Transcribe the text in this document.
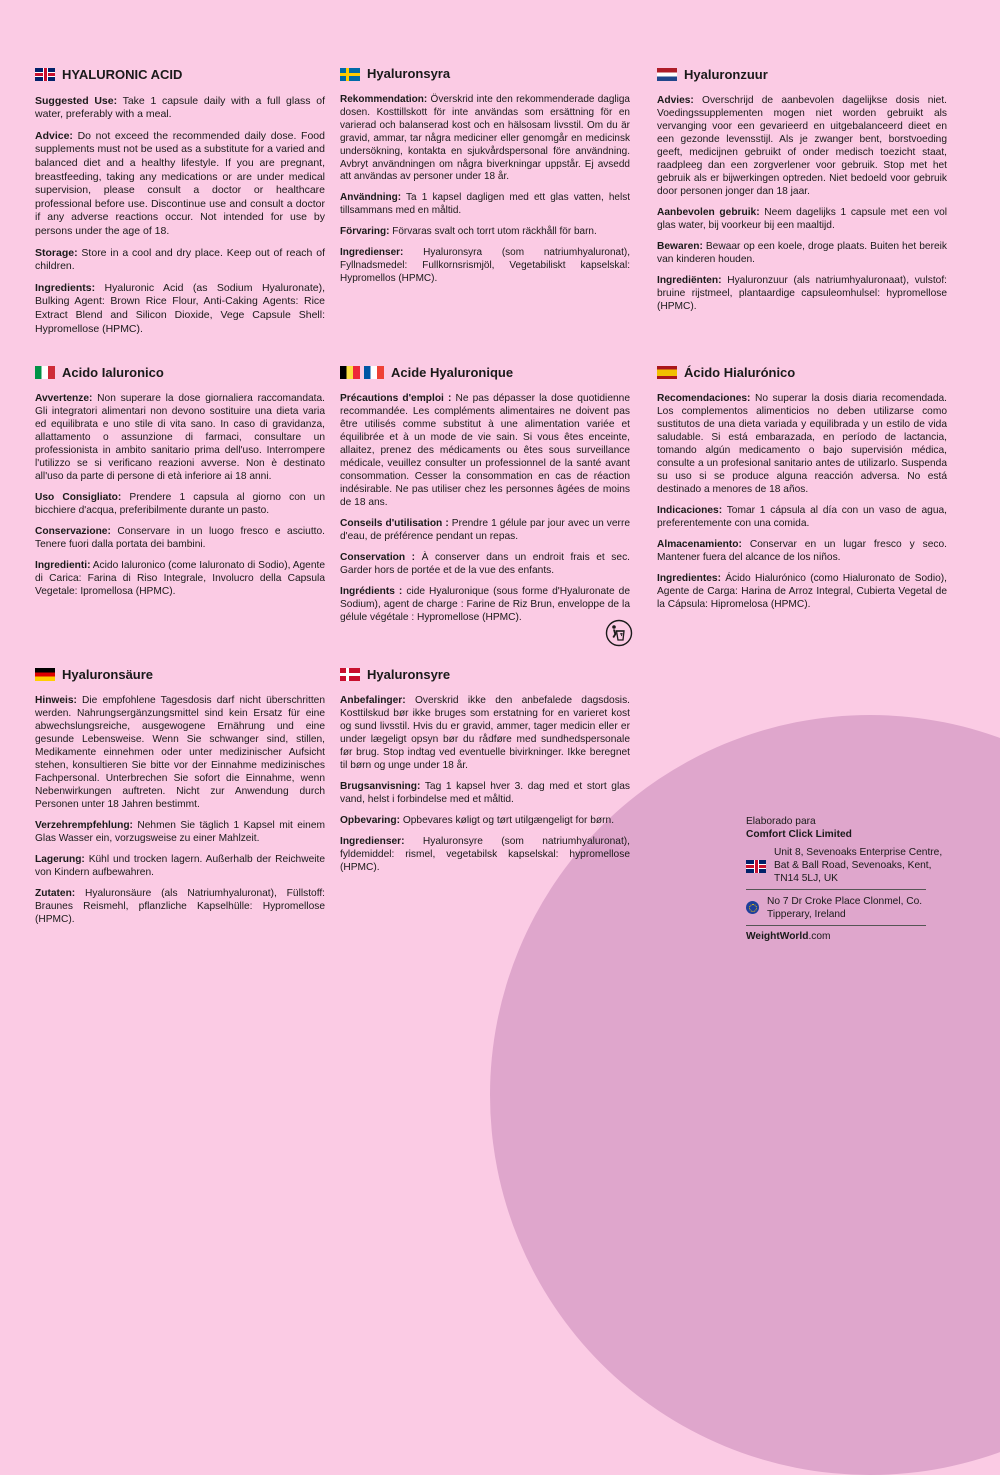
HYALURONIC ACID

Suggested Use: Take 1 capsule daily with a full glass of water, preferably with a meal.

Advice: Do not exceed the recommended daily dose. Food supplements must not be used as a substitute for a varied and balanced diet and a healthy lifestyle. If you are pregnant, breastfeeding, taking any medications or are under medical supervision, please consult a doctor or healthcare professional before use. Discontinue use and consult a doctor if any adverse reactions occur. Not intended for use by persons under the age of 18.

Storage: Store in a cool and dry place. Keep out of reach of children.

Ingredients: Hyaluronic Acid (as Sodium Hyaluronate), Bulking Agent: Brown Rice Flour, Anti-Caking Agents: Rice Extract Blend and Silicon Dioxide, Vege Capsule Shell: Hypromellose (HPMC).

Hyaluronsyra

Rekommendation: Överskrid inte den rekommenderade dagliga dosen. Kosttillskott för inte användas som ersättning för en varierad och balanserad kost och en hälsosam livsstil. Om du är gravid, ammar, tar några mediciner eller genomgår en medicinsk undersökning, kontakta en sjukvårdspersonal före användning. Avbryt användningen om några biverkningar uppstår. Ej avsedd att användas av personer under 18 år.

Användning: Ta 1 kapsel dagligen med ett glas vatten, helst tillsammans med en måltid.

Förvaring: Förvaras svalt och torrt utom räckhåll för barn.

Ingredienser: Hyaluronsyra (som natriumhyaluronat), Fyllnadsmedel: Fullkornsrismjöl, Vegetabiliskt kapselskal: Hypromellos (HPMC).

Hyaluronzuur

Advies: Overschrijd de aanbevolen dagelijkse dosis niet. Voedingssupplementen mogen niet worden gebruikt als vervanging voor een gevarieerd en uitgebalanceerd dieet en een gezonde levensstijl. Als je zwanger bent, borstvoeding geeft, medicijnen gebruikt of onder medisch toezicht staat, raadpleeg dan een zorgverlener voor gebruik. Stop met het gebruik als er bijwerkingen optreden. Niet bedoeld voor gebruik door personen jonger dan 18 jaar.

Aanbevolen gebruik: Neem dagelijks 1 capsule met een vol glas water, bij voorkeur bij een maaltijd.

Bewaren: Bewaar op een koele, droge plaats. Buiten het bereik van kinderen houden.

Ingrediënten: Hyaluronzuur (als natriumhyaluronaat), vulstof: bruine rijstmeel, plantaardige capsuleomhulsel: hypromellose (HPMC).

Acido Ialuronico

Avvertenze: Non superare la dose giornaliera raccomandata. Gli integratori alimentari non devono sostituire una dieta varia ed equilibrata e uno stile di vita sano. In caso di gravidanza, allattamento o assunzione di farmaci, consultare un professionista in ambito sanitario prima dell'uso. Interrompere l'utilizzo se si verificano reazioni avverse. Non è destinato all'uso da parte di persone di età inferiore ai 18 anni.

Uso Consigliato: Prendere 1 capsula al giorno con un bicchiere d'acqua, preferibilmente durante un pasto.

Conservazione: Conservare in un luogo fresco e asciutto. Tenere fuori dalla portata dei bambini.

Ingredienti: Acido Ialuronico (come Ialuronato di Sodio), Agente di Carica: Farina di Riso Integrale, Involucro della Capsula Vegetale: Ipromellosa (HPMC).

Acide Hyaluronique

Précautions d'emploi : Ne pas dépasser la dose quotidienne recommandée. Les compléments alimentaires ne doivent pas être utilisés comme substitut à une alimentation variée et équilibrée et à un mode de vie sain. Si vous êtes enceinte, allaitez, prenez des médicaments ou êtes sous surveillance médicale, veuillez consulter un professionnel de la santé avant consommation. Cesser la consommation en cas de réaction indésirable. Ne pas utiliser chez les personnes âgées de moins de 18 ans.

Conseils d'utilisation : Prendre 1 gélule par jour avec un verre d'eau, de préférence pendant un repas.

Conservation : À conserver dans un endroit frais et sec. Garder hors de portée et de la vue des enfants.

Ingrédients : cide Hyaluronique (sous forme d'Hyaluronate de Sodium), agent de charge : Farine de Riz Brun, enveloppe de la gélule végétale : Hypromellose (HPMC).

Ácido Hialurónico

Recomendaciones: No superar la dosis diaria recomendada. Los complementos alimenticios no deben utilizarse como sustitutos de una dieta variada y equilibrada y un estilo de vida saludable. Si está embarazada, en período de lactancia, tomando algún medicamento o bajo supervisión médica, consulte a un profesional sanitario antes de utilizarlo. Suspenda su uso si se produce alguna reacción adversa. No está destinado a menores de 18 años.

Indicaciones: Tomar 1 cápsula al día con un vaso de agua, preferentemente con una comida.

Almacenamiento: Conservar en un lugar fresco y seco. Mantener fuera del alcance de los niños.

Ingredientes: Ácido Hialurónico (como Hialuronato de Sodio), Agente de Carga: Harina de Arroz Integral, Cubierta Vegetal de la Cápsula: Hipromelosa (HPMC).

Hyaluronsäure

Hinweis: Die empfohlene Tagesdosis darf nicht überschritten werden. Nahrungsergänzungsmittel sind kein Ersatz für eine abwechslungsreiche, ausgewogene Ernährung und eine gesunde Lebensweise. Wenn Sie schwanger sind, stillen, Medikamente einnehmen oder unter medizinischer Aufsicht stehen, konsultieren Sie bitte vor der Einnahme medizinisches Fachpersonal. Unterbrechen Sie sofort die Einnahme, wenn Nebenwirkungen auftreten. Nicht zur Anwendung durch Personen unter 18 Jahren bestimmt.

Verzehrempfehlung: Nehmen Sie täglich 1 Kapsel mit einem Glas Wasser ein, vorzugsweise zu einer Mahlzeit.

Lagerung: Kühl und trocken lagern. Außerhalb der Reichweite von Kindern aufbewahren.

Zutaten: Hyaluronsäure (als Natriumhyaluronat), Füllstoff: Braunes Reismehl, pflanzliche Kapselhülle: Hypromellose (HPMC).

Hyaluronsyre

Anbefalinger: Overskrid ikke den anbefalede dagsdosis. Kosttilskud bør ikke bruges som erstatning for en varieret kost og sund livsstil. Hvis du er gravid, ammer, tager medicin eller er under lægeligt opsyn bør du rådføre med sundhedspersonale før brug. Stop indtag ved eventuelle bivirkninger. Ikke beregnet til børn og unge under 18 år.

Brugsanvisning: Tag 1 kapsel hver 3. dag med et stort glas vand, helst i forbindelse med et måltid.

Opbevaring: Opbevares køligt og tørt utilgængeligt for børn.

Ingredienser: Hyaluronsyre (som natriumhyaluronat), fyldemiddel: rismel, vegetabilsk kapselskal: hypromellose (HPMC).

Elaborado para
Comfort Click Limited
Unit 8, Sevenoaks Enterprise Centre, Bat & Ball Road, Sevenoaks, Kent, TN14 5LJ, UK
No 7 Dr Croke Place Clonmel, Co. Tipperary, Ireland
WeightWorld.com
